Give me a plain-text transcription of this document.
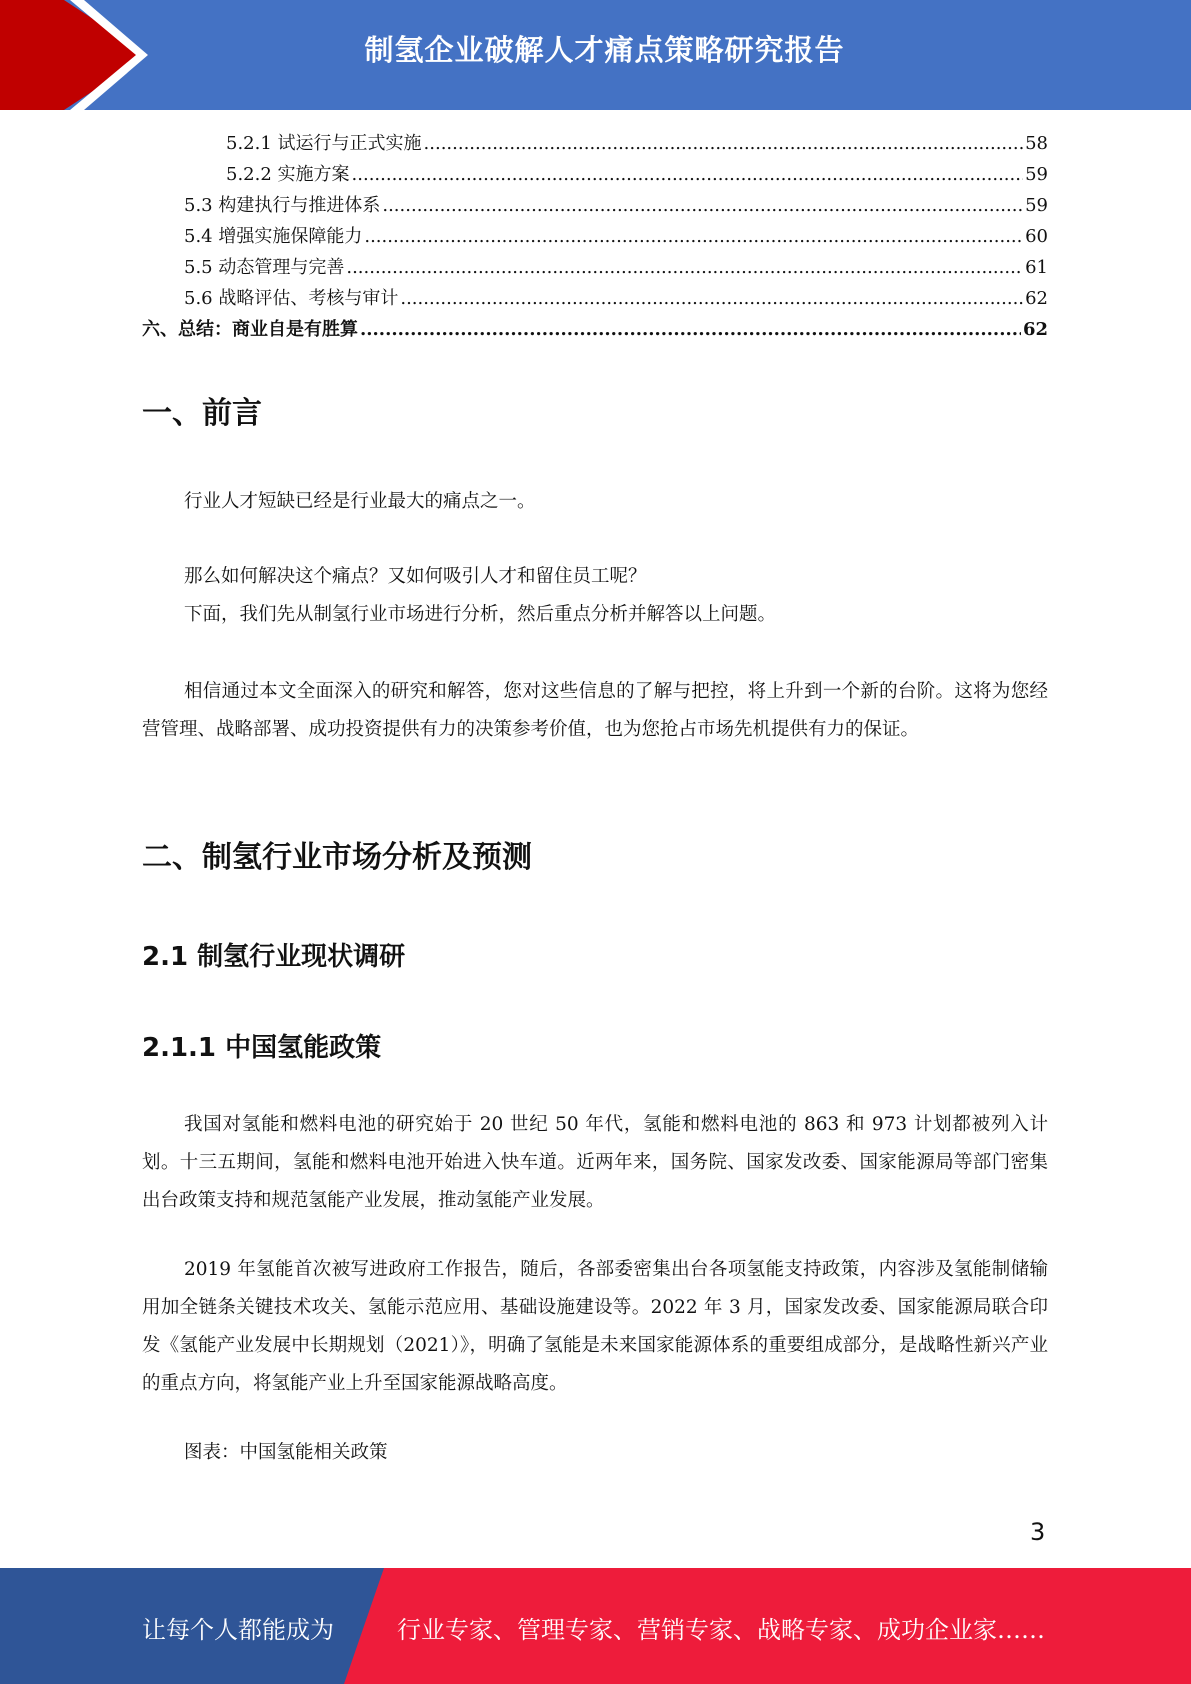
制氢企业破解人才痛点策略研究报告
5.2.1 试运行与正式实施 .....	58
5.2.2 实施方案 .....	59
5.3 构建执行与推进体系 .....	59
5.4 增强实施保障能力 .....	60
5.5 动态管理与完善 .....	61
5.6 战略评估、考核与审计 .....	62
六、总结：商业自是有胜算 .....	62
一、前言
行业人才短缺已经是行业最大的痛点之一。
那么如何解决这个痛点？又如何吸引人才和留住员工呢？
下面，我们先从制氢行业市场进行分析，然后重点分析并解答以上问题。
相信通过本文全面深入的研究和解答，您对这些信息的了解与把控，将上升到一个新的台阶。这将为您经营管理、战略部署、成功投资提供有力的决策参考价值，也为您抢占市场先机提供有力的保证。
二、制氢行业市场分析及预测
2.1 制氢行业现状调研
2.1.1 中国氢能政策
我国对氢能和燃料电池的研究始于 20 世纪 50 年代，氢能和燃料电池的 863 和 973 计划都被列入计划。十三五期间，氢能和燃料电池开始进入快车道。近两年来，国务院、国家发改委、国家能源局等部门密集出台政策支持和规范氢能产业发展，推动氢能产业发展。
2019 年氢能首次被写进政府工作报告，随后，各部委密集出台各项氢能支持政策，内容涉及氢能制储输用加全链条关键技术攻关、氢能示范应用、基础设施建设等。2022 年 3 月，国家发改委、国家能源局联合印发《氢能产业发展中长期规划（2021）》，明确了氢能是未来国家能源体系的重要组成部分，是战略性新兴产业的重点方向，将氢能产业上升至国家能源战略高度。
图表：中国氢能相关政策
3
让每个人都能成为	行业专家、管理专家、营销专家、战略专家、成功企业家……
